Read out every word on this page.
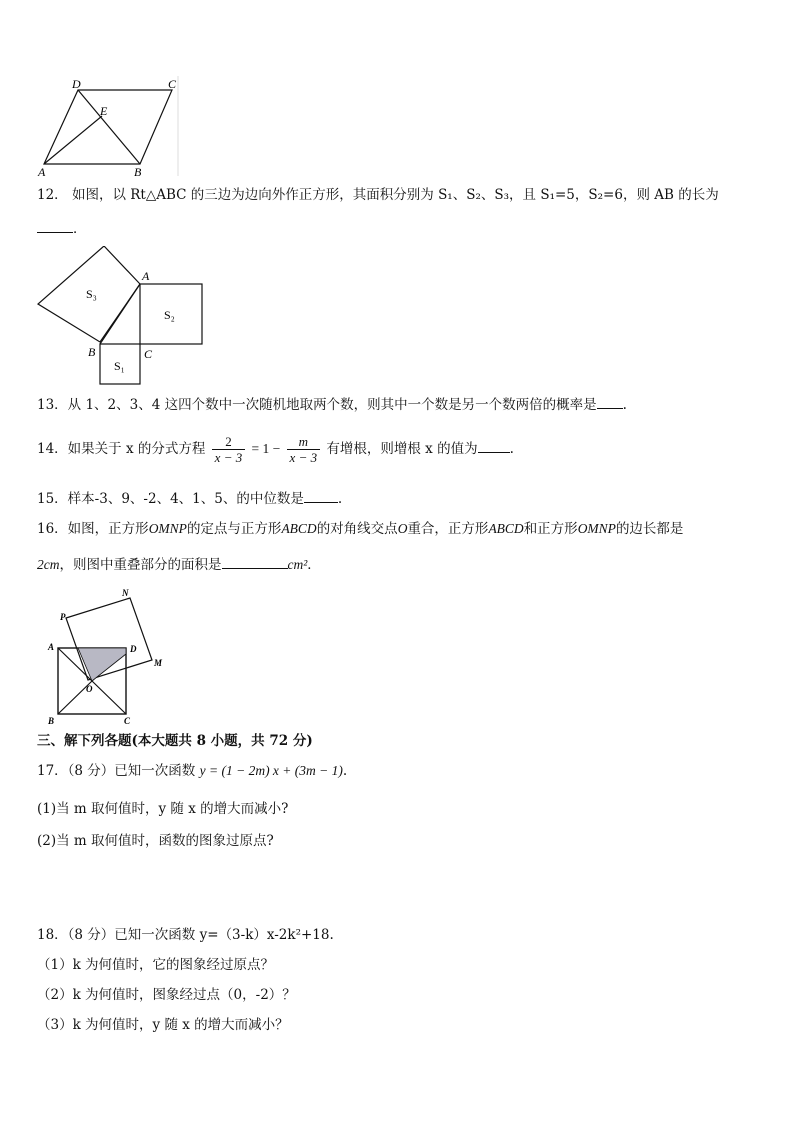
D	C
E
A	B
12． 如图，以 Rt△ABC 的三边为边向外作正方形，其面积分别为 S₁、S₂、S₃，且 S₁=5，S₂=6，则 AB 的长为
．
S₃
S₂
S₁
A
B	C
13．从 1、2、3、4 这四个数中一次随机地取两个数，则其中一个数是另一个数两倍的概率是 .
14．如果关于 x 的分式方程 $\frac{2}{x - 3} = 1 - \frac{m}{x - 3}$ 有增根，则增根 x 的值为 .
15．样本-3、9、-2、4、1、5、的中位数是	.
16．如图，正方形OMNP的定点与正方形ABCD的对角线交点O重合，正方形ABCD和正方形OMNP的边长都是
2cm，则图中重叠部分的面积是	cm²．
P
N
A	D
M
O
B	C
三、解下列各题(本大题共 8 小题，共 72 分)
17．（8 分）已知一次函数 y = (1 − 2m) x + (3m − 1).
(1)当 m 取何值时，y 随 x 的增大而减小?
(2)当 m 取何值时，函数的图象过原点?
18．（8 分）已知一次函数 y=（3-k）x-2k²+18.
（1）k 为何值时，它的图象经过原点？
（2）k 为何值时，图象经过点（0，-2）？
（3）k 为何值时，y 随 x 的增大而减小？
